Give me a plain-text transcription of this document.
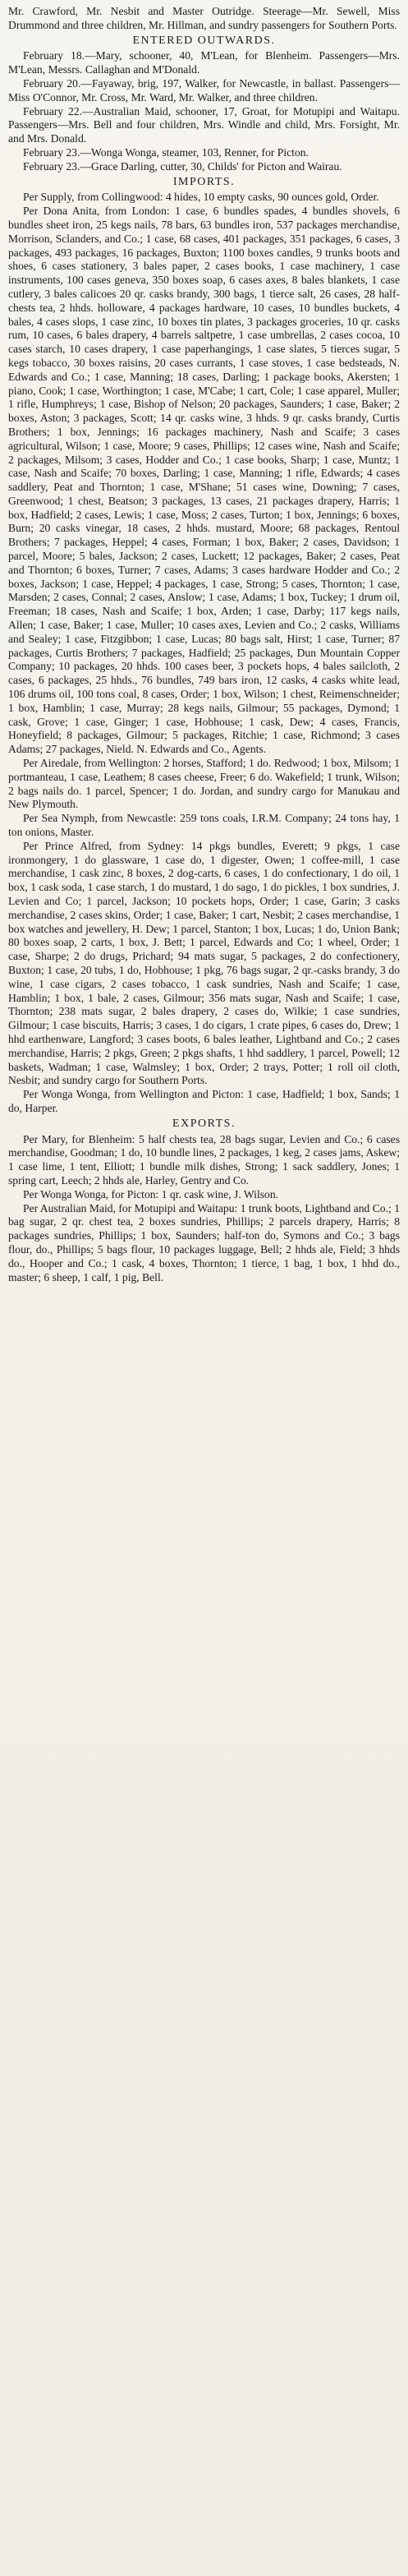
Mr. Crawford, Mr. Nesbit and Master Outridge. Steerage—Mr. Sewell, Miss Drummond and three children, Mr. Hillman, and sundry passengers for Southern Ports.

ENTERED OUTWARDS.

February 18.—Mary, schooner, 40, M'Lean, for Blenheim. Passengers—Mrs. M'Lean, Messrs. Callaghan and M'Donald.

February 20.—Fayaway, brig, 197, Walker, for Newcastle, in ballast. Passengers—Miss O'Connor, Mr. Cross, Mr. Ward, Mr. Walker, and three children.

February 22.—Australian Maid, schooner, 17, Groat, for Motupipi and Waitapu. Passengers—Mrs. Bell and four children, Mrs. Windle and child, Mrs. Forsight, Mr. and Mrs. Donald.

February 23.—Wonga Wonga, steamer, 103, Renner, for Picton.

February 23.—Grace Darling, cutter, 30, Childs' for Picton and Wairau.

IMPORTS.

Per Supply, from Collingwood: 4 hides, 10 empty casks, 90 ounces gold, Order.

Per Dona Anita, from London: 1 case, 6 bundles spades, 4 bundles shovels, 6 bundles sheet iron, 25 kegs nails, 78 bars, 63 bundles iron, 537 packages merchandise, Morrison, Sclanders, and Co.; 1 case, 68 cases, 401 packages, 351 packages, 6 cases, 3 packages, 493 packages, 16 packages, Buxton; 1100 boxes candles, 9 trunks boots and shoes, 6 cases stationery, 3 bales paper, 2 cases books, 1 case machinery, 1 case instruments, 100 cases geneva, 350 boxes soap, 6 cases axes, 8 bales blankets, 1 case cutlery, 3 bales calicoes 20 qr. casks brandy, 300 bags, 1 tierce salt, 26 cases, 28 half-chests tea, 2 hhds. holloware, 4 packages hardware, 10 cases, 10 bundles buckets, 4 bales, 4 cases slops, 1 case zinc, 10 boxes tin plates, 3 packages groceries, 10 qr. casks rum, 10 cases, 6 bales drapery, 4 barrels saltpetre, 1 case umbrellas, 2 cases cocoa, 10 cases starch, 10 cases drapery, 1 case paperhangings, 1 case slates, 5 tierces sugar, 5 kegs tobacco, 30 boxes raisins, 20 cases currants, 1 case stoves, 1 case bedsteads, N. Edwards and Co.; 1 case, Manning; 18 cases, Darling; 1 package books, Akersten; 1 piano, Cook; 1 case, Worthington; 1 case, M'Cabe; 1 cart, Cole; 1 case apparel, Muller; 1 rifle, Humphreys; 1 case, Bishop of Nelson; 20 packages, Saunders; 1 case, Baker; 2 boxes, Aston; 3 packages, Scott; 14 qr. casks wine, 3 hhds. 9 qr. casks brandy, Curtis Brothers; 1 box, Jennings; 16 packages machinery, Nash and Scaife; 3 cases agricultural, Wilson; 1 case, Moore; 9 cases, Phillips; 12 cases wine, Nash and Scaife; 2 packages, Milsom; 3 cases, Hodder and Co.; 1 case books, Sharp; 1 case, Muntz; 1 case, Nash and Scaife; 70 boxes, Darling; 1 case, Manning; 1 rifle, Edwards; 4 cases saddlery, Peat and Thornton; 1 case, M'Shane; 51 cases wine, Downing; 7 cases, Greenwood; 1 chest, Beatson; 3 packages, 13 cases, 21 packages drapery, Harris; 1 box, Hadfield; 2 cases, Lewis; 1 case, Moss; 2 cases, Turton; 1 box, Jennings; 6 boxes, Burn; 20 casks vinegar, 18 cases, 2 hhds. mustard, Moore; 68 packages, Rentoul Brothers; 7 packages, Heppel; 4 cases, Forman; 1 box, Baker; 2 cases, Davidson; 1 parcel, Moore; 5 bales, Jackson; 2 cases, Luckett; 12 packages, Baker; 2 cases, Peat and Thornton; 6 boxes, Turner; 7 cases, Adams; 3 cases hardware Hodder and Co.; 2 boxes, Jackson; 1 case, Heppel; 4 packages, 1 case, Strong; 5 cases, Thornton; 1 case, Marsden; 2 cases, Connal; 2 cases, Anslow; 1 case, Adams; 1 box, Tuckey; 1 drum oil, Freeman; 18 cases, Nash and Scaife; 1 box, Arden; 1 case, Darby; 117 kegs nails, Allen; 1 case, Baker; 1 case, Muller; 10 cases axes, Levien and Co.; 2 casks, Williams and Sealey; 1 case, Fitzgibbon; 1 case, Lucas; 80 bags salt, Hirst; 1 case, Turner; 87 packages, Curtis Brothers; 7 packages, Hadfield; 25 packages, Dun Mountain Copper Company; 10 packages, 20 hhds. 100 cases beer, 3 pockets hops, 4 bales sailcloth, 2 cases, 6 packages, 25 hhds., 76 bundles, 749 bars iron, 12 casks, 4 casks white lead, 106 drums oil, 100 tons coal, 8 cases, Order; 1 box, Wilson; 1 chest, Reimenschneider; 1 box, Hamblin; 1 case, Murray; 28 kegs nails, Gilmour; 55 packages, Dymond; 1 cask, Grove; 1 case, Ginger; 1 case, Hobhouse; 1 cask, Dew; 4 cases, Francis, Honeyfield; 8 packages, Gilmour; 5 packages, Ritchie; 1 case, Richmond; 3 cases Adams; 27 packages, Nield. N. Edwards and Co., Agents.

Per Airedale, from Wellington: 2 horses, Stafford; 1 do. Redwood; 1 box, Milsom; 1 portmanteau, 1 case, Leathem; 8 cases cheese, Freer; 6 do. Wakefield; 1 trunk, Wilson; 2 bags nails do. 1 parcel, Spencer; 1 do. Jordan, and sundry cargo for Manukau and New Plymouth.

Per Sea Nymph, from Newcastle: 259 tons coals, I.R.M. Company; 24 tons hay, 1 ton onions, Master.

Per Prince Alfred, from Sydney: 14 pkgs bundles, Everett; 9 pkgs, 1 case ironmongery, 1 do glassware, 1 case do, 1 digester, Owen; 1 coffee-mill, 1 case merchandise, 1 cask zinc, 8 boxes, 2 dog-carts, 6 cases, 1 do confectionary, 1 do oil, 1 box, 1 cask soda, 1 case starch, 1 do mustard, 1 do sago, 1 do pickles, 1 box sundries, J. Levien and Co; 1 parcel, Jackson; 10 pockets hops, Order; 1 case, Garin; 3 casks merchandise, 2 cases skins, Order; 1 case, Baker; 1 cart, Nesbit; 2 cases merchandise, 1 box watches and jewellery, H. Dew; 1 parcel, Stanton; 1 box, Lucas; 1 do, Union Bank; 80 boxes soap, 2 carts, 1 box, J. Bett; 1 parcel, Edwards and Co; 1 wheel, Order; 1 case, Sharpe; 2 do drugs, Prichard; 94 mats sugar, 5 packages, 2 do confectionery, Buxton; 1 case, 20 tubs, 1 do, Hobhouse; 1 pkg, 76 bags sugar, 2 qr.-casks brandy, 3 do wine, 1 case cigars, 2 cases tobacco, 1 cask sundries, Nash and Scaife; 1 case, Hamblin; 1 box, 1 bale, 2 cases, Gilmour; 356 mats sugar, Nash and Scaife; 1 case, Thornton; 238 mats sugar, 2 bales drapery, 2 cases do, Wilkie; 1 case sundries, Gilmour; 1 case biscuits, Harris; 3 cases, 1 do cigars, 1 crate pipes, 6 cases do, Drew; 1 hhd earthenware, Langford; 3 cases boots, 6 bales leather, Lightband and Co.; 2 cases merchandise, Harris; 2 pkgs, Green; 2 pkgs shafts, 1 hhd saddlery, 1 parcel, Powell; 12 baskets, Wadman; 1 case, Walmsley; 1 box, Order; 2 trays, Potter; 1 roll oil cloth, Nesbit; and sundry cargo for Southern Ports.

Per Wonga Wonga, from Wellington and Picton: 1 case, Hadfield; 1 box, Sands; 1 do, Harper.

EXPORTS.

Per Mary, for Blenheim: 5 half chests tea, 28 bags sugar, Levien and Co.; 6 cases merchandise, Goodman; 1 do, 10 bundle lines, 2 packages, 1 keg, 2 cases jams, Askew; 1 case lime, 1 tent, Elliott; 1 bundle milk dishes, Strong; 1 sack saddlery, Jones; 1 spring cart, Leech; 2 hhds ale, Harley, Gentry and Co.

Per Wonga Wonga, for Picton: 1 qr. cask wine, J. Wilson.

Per Australian Maid, for Motupipi and Waitapu: 1 trunk boots, Lightband and Co.; 1 bag sugar, 2 qr. chest tea, 2 boxes sundries, Phillips; 2 parcels drapery, Harris; 8 packages sundries, Phillips; 1 box, Saunders; half-ton do, Symons and Co.; 3 bags flour, do., Phillips; 5 bags flour, 10 packages luggage, Bell; 2 hhds ale, Field; 3 hhds do., Hooper and Co.; 1 cask, 4 boxes, Thornton; 1 tierce, 1 bag, 1 box, 1 hhd do., master; 6 sheep, 1 calf, 1 pig, Bell.
